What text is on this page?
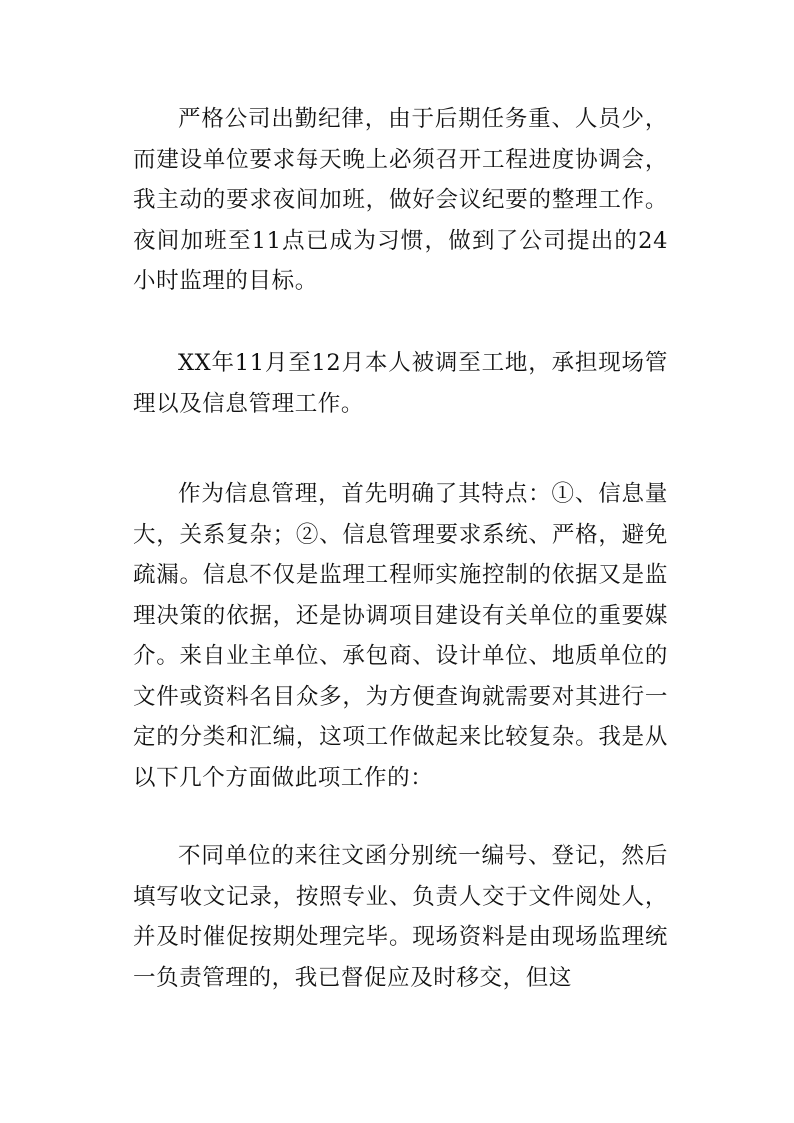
严格公司出勤纪律，由于后期任务重、人员少，而建设单位要求每天晚上必须召开工程进度协调会，我主动的要求夜间加班，做好会议纪要的整理工作。夜间加班至11点已成为习惯，做到了公司提出的24小时监理的目标。

XX年11月至12月本人被调至工地，承担现场管理以及信息管理工作。

作为信息管理，首先明确了其特点：①、信息量大，关系复杂；②、信息管理要求系统、严格，避免疏漏。信息不仅是监理工程师实施控制的依据又是监理决策的依据，还是协调项目建设有关单位的重要媒介。来自业主单位、承包商、设计单位、地质单位的文件或资料名目众多，为方便查询就需要对其进行一定的分类和汇编，这项工作做起来比较复杂。我是从以下几个方面做此项工作的：

不同单位的来往文函分别统一编号、登记，然后填写收文记录，按照专业、负责人交于文件阅处人，并及时催促按期处理完毕。现场资料是由现场监理统一负责管理的，我已督促应及时移交，但这
